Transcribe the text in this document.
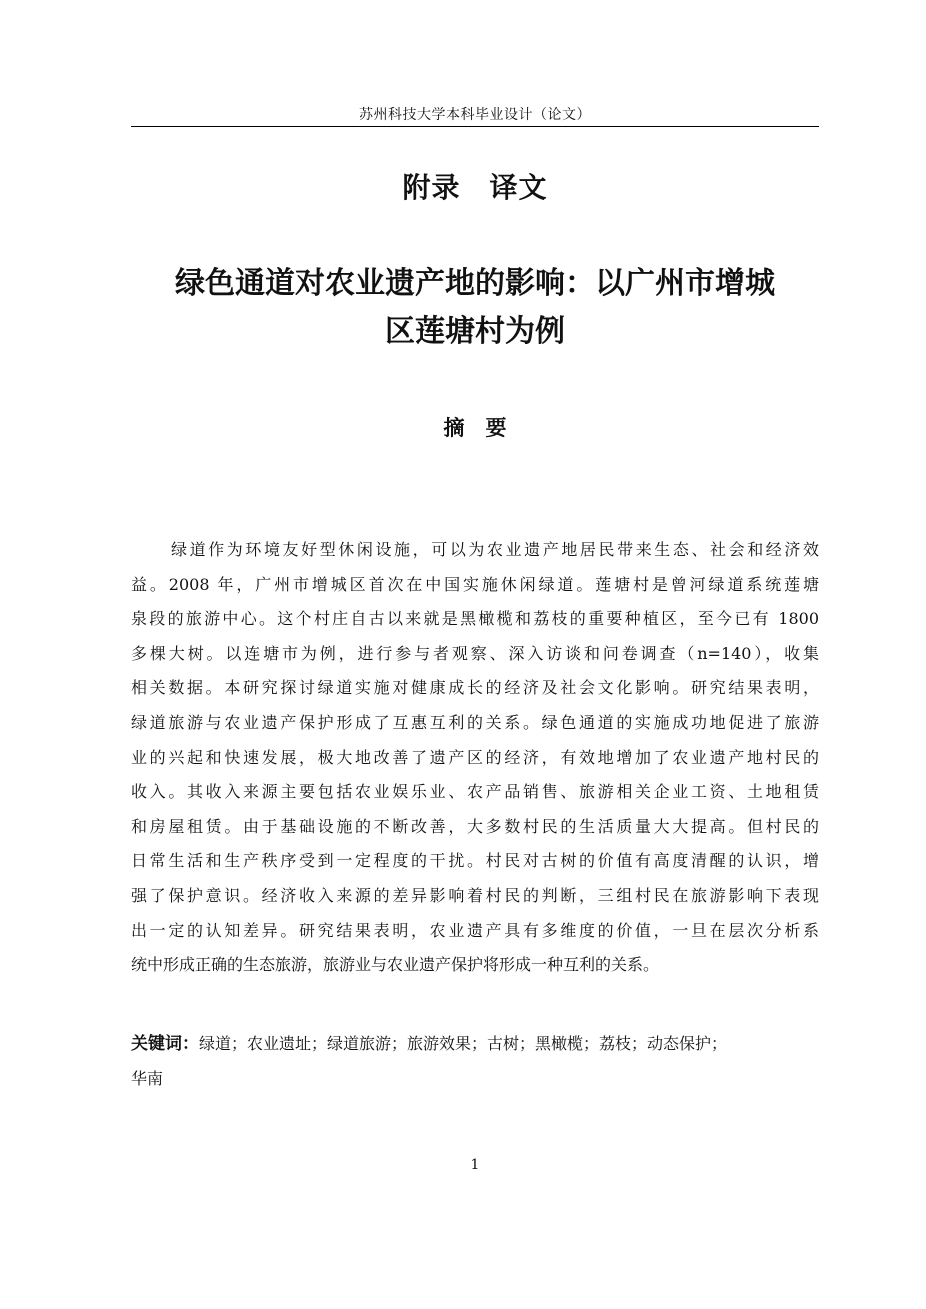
苏州科技大学本科毕业设计（论文）
附录　译文
绿色通道对农业遗产地的影响：以广州市增城
区莲塘村为例
摘　要
绿道作为环境友好型休闲设施，可以为农业遗产地居民带来生态、社会和经济效
益。2008 年，广州市增城区首次在中国实施休闲绿道。莲塘村是曾河绿道系统莲塘
泉段的旅游中心。这个村庄自古以来就是黑橄榄和荔枝的重要种植区，至今已有 1800
多棵大树。以连塘市为例，进行参与者观察、深入访谈和问卷调查（n=140），收集
相关数据。本研究探讨绿道实施对健康成长的经济及社会文化影响。研究结果表明，
绿道旅游与农业遗产保护形成了互惠互利的关系。绿色通道的实施成功地促进了旅游
业的兴起和快速发展，极大地改善了遗产区的经济，有效地增加了农业遗产地村民的
收入。其收入来源主要包括农业娱乐业、农产品销售、旅游相关企业工资、土地租赁
和房屋租赁。由于基础设施的不断改善，大多数村民的生活质量大大提高。但村民的
日常生活和生产秩序受到一定程度的干扰。村民对古树的价值有高度清醒的认识，增
强了保护意识。经济收入来源的差异影响着村民的判断，三组村民在旅游影响下表现
出一定的认知差异。研究结果表明，农业遗产具有多维度的价值，一旦在层次分析系
统中形成正确的生态旅游，旅游业与农业遗产保护将形成一种互利的关系。
关键词：绿道；农业遗址；绿道旅游；旅游效果；古树；黑橄榄；荔枝；动态保护；
华南
1
